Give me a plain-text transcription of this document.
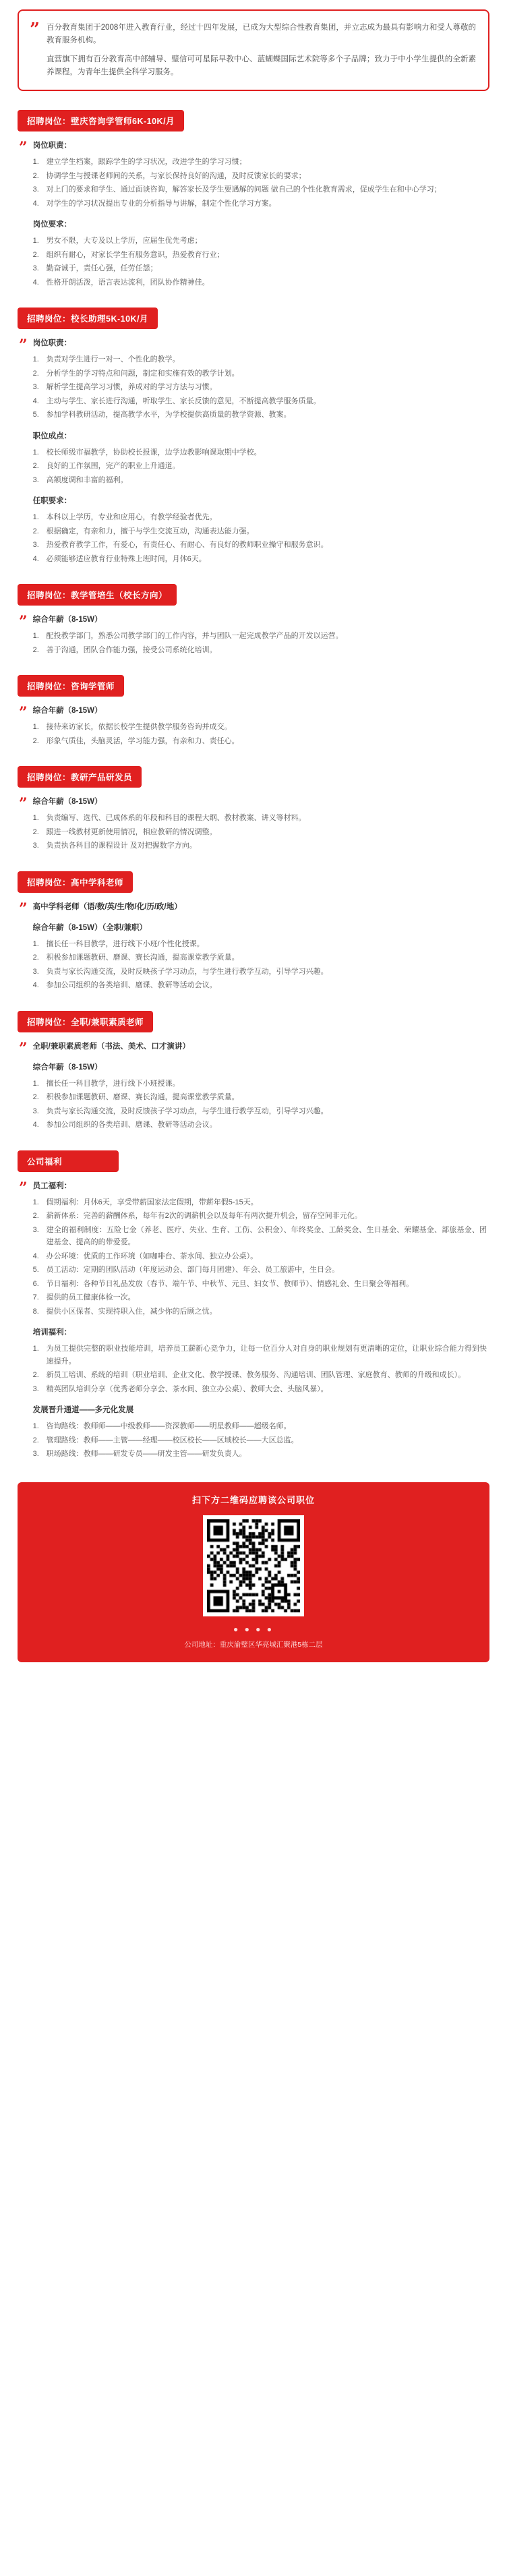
” 百分教育集团于2008年进入教育行业，经过十四年发展，已成为大型综合性教育集团，并立志成为最具有影响力和受人尊敬的教育服务机构。

直营旗下拥有百分教育高中部辅导、璧信可可星际早教中心、蓝蝴蝶国际艺术院等多个子品牌；致力于中小学生提供的全新素养课程，为青年生提供全科学习服务。

招聘岗位：壁庆咨询学管师6K-10K/月
” 岗位职责：
1. 建立学生档案，跟踪学生的学习状况，改进学生的学习习惯；
2. 协调学生与授课老师间的关系，与家长保持良好的沟通，及时反馈家长的要求；
3. 对上门的要求和学生、通过面谈咨询，解答家长及学生要遇解的问题 做自己的个性化教育需求，促成学生在和中心学习；
4. 对学生的学习状况提出专业的分析指导与讲解，制定个性化学习方案。
岗位要求：
1. 男女不限，大专及以上学历，应届生优先考虑；
2. 组织有耐心，对家长学生有服务意识，热爱教育行业；
3. 勤奋诚于，责任心强，任劳任怨；
4. 性格开朗活泼，语言表达流利，团队协作精神佳。
招聘岗位：校长助理5K-10K/月
” 岗位职责：
1. 负责对学生进行一对一、个性化的教学。
2. 分析学生的学习特点和问题，制定和实施有效的教学计划。
3. 解析学生提高学习习惯，养成对的学习方法与习惯。
4. 主动与学生、家长进行沟通，听取学生、家长反馈的意见，不断提高教学服务质量。
5. 参加学科教研活动，提高教学水平，为学校提供高质量的教学资源、教案。
职位成点：
1. 校长师级市福教学，协助校长报课，边学边教影响课取期中学校。
2. 良好的工作氛围，完产的职业上升通道。
3. 高额度调和丰富的福利。
任职要求：
1. 本科以上学历，专业和应用心，有教学经验者优先。
2. 根据确定，有亲和力，擅于与学生交流互动，沟通表达能力强。
3. 热爱教育教学工作，有爱心，有责任心、有耐心、有良好的教师职业操守和服务意识。
4. 必须能够适应教育行业特殊上班时间，月休6天。
招聘岗位：教学管培生（校长方向）
” 综合年薪（8-15W）
1. 配投教学部门，熟悉公司教学部门的工作内容，并与团队一起完成教学产品的开发以运营。
2. 善于沟通，团队合作能力强，接受公司系统化培训。
招聘岗位：咨询学管师
” 综合年薪（8-15W）
1. 接待来访家长，依据长校学生提供教学服务咨询并成交。
2. 形象气质佳，头脑灵活，学习能力强，有亲和力、责任心。
招聘岗位：教研产品研发员
” 综合年薪（8-15W）
1. 负责编写、选代、已成体系的年段和科目的课程大纲、教材教案、讲义等材料。
2. 跟进一线教材更新使用情况，相应教研的情况调整。
3. 负责执各科目的课程设计 及对把握数字方向。
招聘岗位：高中学科老师
” 高中学科老师（语/数/英/生/物/化/历/政/地）
综合年薪（8-15W）（全职/兼职）
1. 擅长任一科目教学，进行线下小班/个性化授课。
2. 积极参加课题教研、磨课、赛长沟通，提高课堂教学质量。
3. 负责与家长沟通交流，及时反映孩子学习动点，与学生进行教学互动，引导学习兴趣。
4. 参加公司组织的各类培训、磨课、教研等活动会议。
招聘岗位：全职/兼职素质老师
” 全职/兼职素质老师（书法、美术、口才演讲）
综合年薪（8-15W）
1. 擅长任一科目教学，进行线下小班授课。
2. 积极参加课题教研、磨课、赛长沟通，提高课堂教学质量。
3. 负责与家长沟通交流，及时反馈孩子学习动点，与学生进行教学互动，引导学习兴趣。
4. 参加公司组织的各类培训、磨课、教研等活动会议。
公司福利
” 员工福利：
1. 假期福利：月休6天，享受带薪国家法定假期，带薪年假5-15天。
2. 薪新体系：完善的薪酬体系，每年有2次的调薪机会以及每年有两次提升机会，留存空间非元化。
3. 建全的福利制度：五险七金（养老、医疗、失业、生育、工伤、公积金）、年终奖金、工龄奖金、生日基金、荣耀基金、部旅基金、团建基金、提高的的带爱爱。
4. 办公环境：优质的工作环境（如咖啡台、茶水间、独立办公桌）。
5. 员工活动：定期的团队活动（年度运动会、部门每月团建）、年会、员工旅游中，生日会。
6. 节日福利：各种节日礼品发放（春节、端午节、中秋节、元旦、妇女节、教师节）、情感礼金、生日聚会等福利。
7. 提供的员工健康体检一次。
8. 提供小区保者、实现持职入住，减少你的后顾之忧。
培训福利：
1. 为员工提供完整的职业技能培训，培养员工薪新心竞争力，让每一位百分人对自身的职业规划有更清晰的定位，让职业综合能力得到快速提升。
2. 新员工培训、系统的培训（职业培训、企业文化、教学授课、教务服务、沟通培训、团队管理、家庭教育、教师的升级和成长）。
3. 精英团队培训分享（优秀老师分享会、茶水间、独立办公桌）、教师大会、头脑风暴）。
发展晋升通道——多元化发展
1. 咨询路线：教师师——中级教师——资深教师——明星教师——超级名师。
2. 管理路线：教师——主管——经理——校区校长——区域校长——大区总监。
3. 职场路线：教师——研发专员——研发主管——研发负责人。
扫下方二维码应聘该公司职位
● ● ● ●
公司地址：重庆渝璧区华亮城汇聚港5栋二层
